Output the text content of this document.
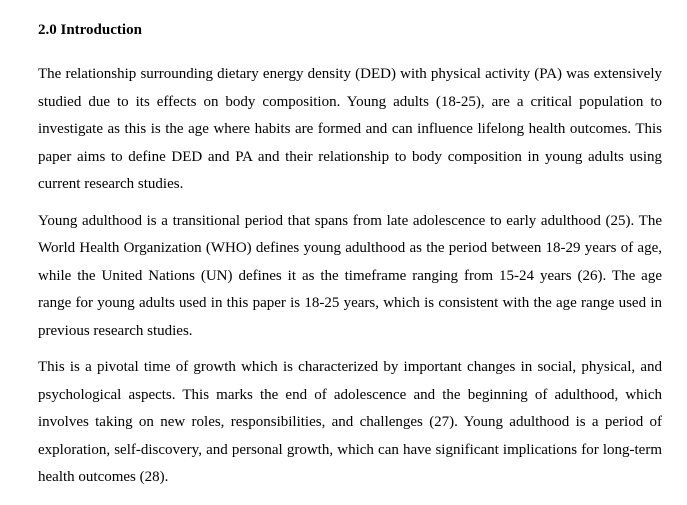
2.0 Introduction

The relationship surrounding dietary energy density (DED) with physical activity (PA) was extensively studied due to its effects on body composition. Young adults (18-25), are a critical population to investigate as this is the age where habits are formed and can influence lifelong health outcomes. This paper aims to define DED and PA and their relationship to body composition in young adults using current research studies.

Young adulthood is a transitional period that spans from late adolescence to early adulthood (25). The World Health Organization (WHO) defines young adulthood as the period between 18-29 years of age, while the United Nations (UN) defines it as the timeframe ranging from 15-24 years (26). The age range for young adults used in this paper is 18-25 years, which is consistent with the age range used in previous research studies.

This is a pivotal time of growth which is characterized by important changes in social, physical, and psychological aspects. This marks the end of adolescence and the beginning of adulthood, which involves taking on new roles, responsibilities, and challenges (27). Young adulthood is a period of exploration, self-discovery, and personal growth, which can have significant implications for long-term health outcomes (28).
